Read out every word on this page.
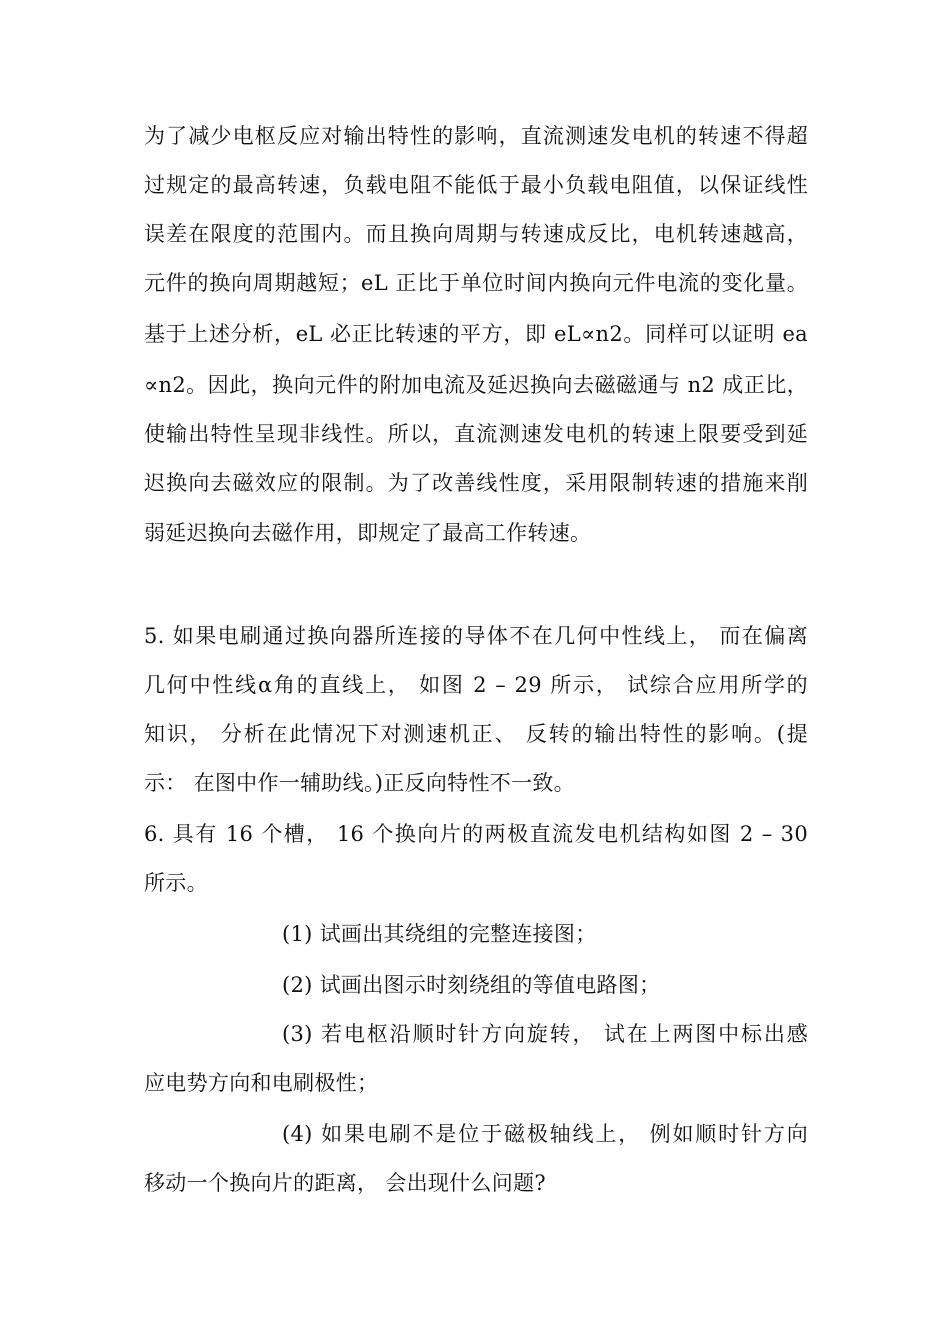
为了减少电枢反应对输出特性的影响，直流测速发电机的转速不得超
过规定的最高转速，负载电阻不能低于最小负载电阻值，以保证线性
误差在限度的范围内。而且换向周期与转速成反比，电机转速越高，
元件的换向周期越短；eL 正比于单位时间内换向元件电流的变化量。
基于上述分析，eL 必正比转速的平方，即 eL∝n2。同样可以证明 ea
∝n2。因此，换向元件的附加电流及延迟换向去磁磁通与 n2 成正比，
使输出特性呈现非线性。所以，直流测速发电机的转速上限要受到延
迟换向去磁效应的限制。为了改善线性度，采用限制转速的措施来削
弱延迟换向去磁作用，即规定了最高工作转速。
5. 如果电刷通过换向器所连接的导体不在几何中性线上， 而在偏离
几何中性线α角的直线上， 如图 2 – 29 所示， 试综合应用所学的
知识， 分析在此情况下对测速机正、 反转的输出特性的影响。(提
示： 在图中作一辅助线。)正反向特性不一致。
6. 具有 16 个槽， 16 个换向片的两极直流发电机结构如图 2 – 30
所示。
(1) 试画出其绕组的完整连接图；
(2) 试画出图示时刻绕组的等值电路图；
(3) 若电枢沿顺时针方向旋转， 试在上两图中标出感
应电势方向和电刷极性；
(4) 如果电刷不是位于磁极轴线上， 例如顺时针方向
移动一个换向片的距离， 会出现什么问题?
